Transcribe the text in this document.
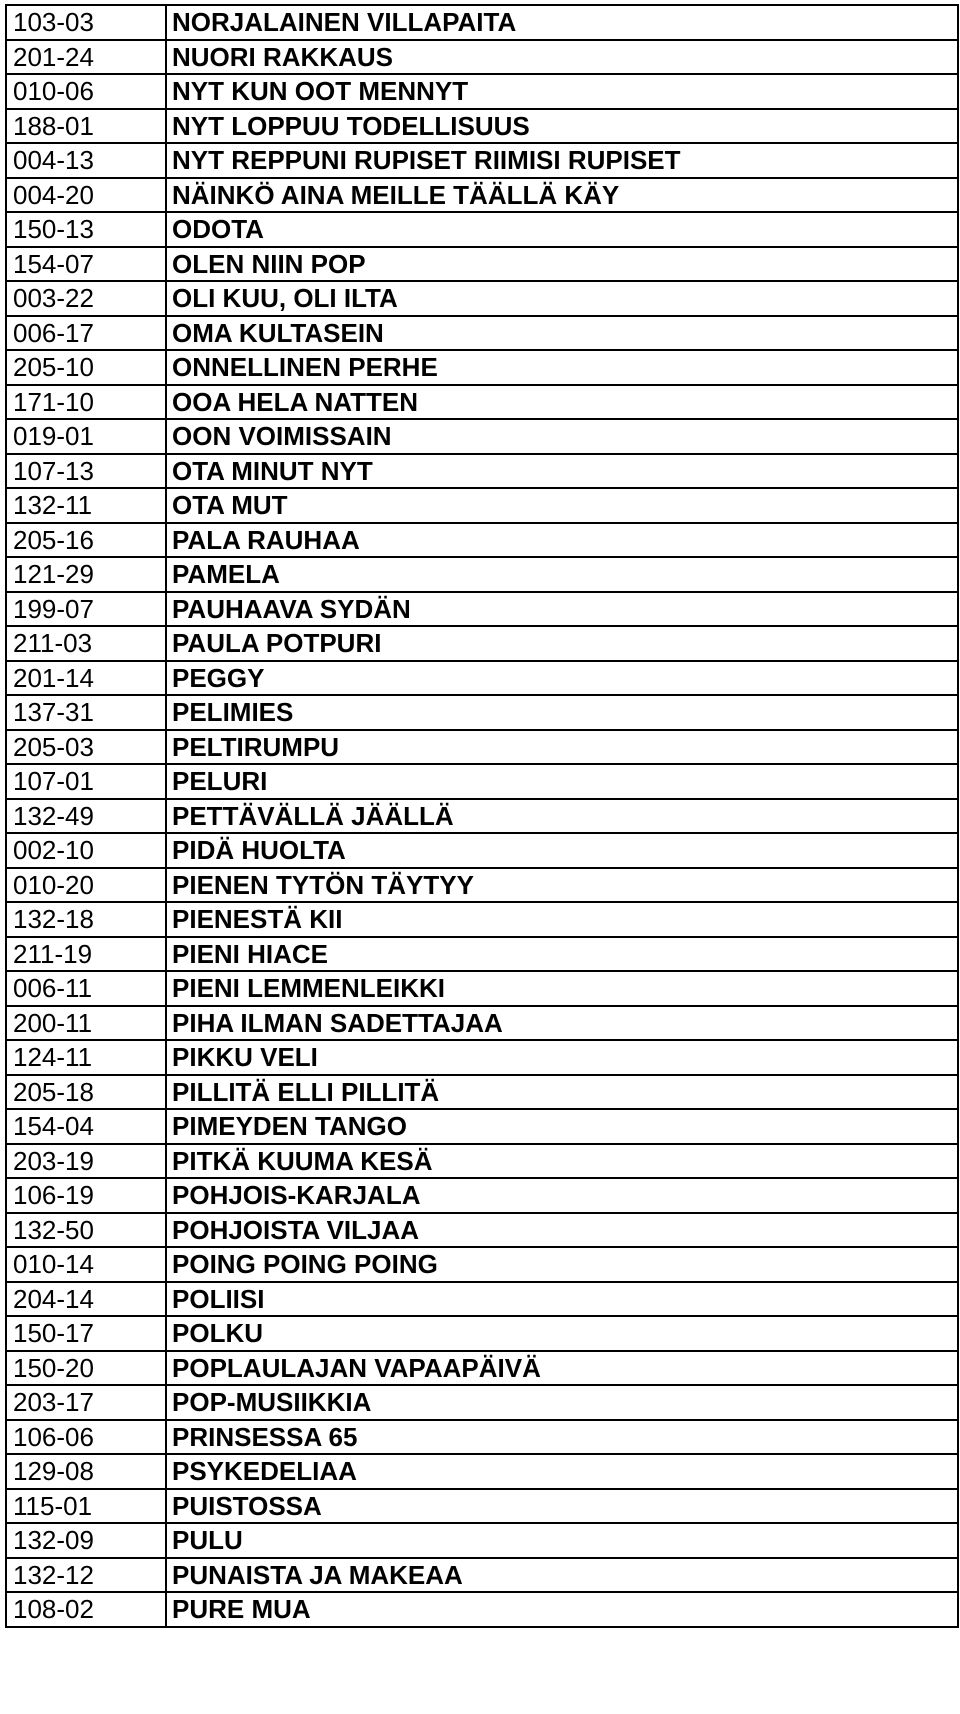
103-03	NORJALAINEN VILLAPAITA
201-24	NUORI RAKKAUS
010-06	NYT KUN OOT MENNYT
188-01	NYT LOPPUU TODELLISUUS
004-13	NYT REPPUNI RUPISET RIIMISI RUPISET
004-20	NÄINKÖ AINA MEILLE TÄÄLLÄ KÄY
150-13	ODOTA
154-07	OLEN NIIN POP
003-22	OLI KUU, OLI ILTA
006-17	OMA KULTASEIN
205-10	ONNELLINEN PERHE
171-10	OOA HELA NATTEN
019-01	OON VOIMISSAIN
107-13	OTA MINUT NYT
132-11	OTA MUT
205-16	PALA RAUHAA
121-29	PAMELA
199-07	PAUHAAVA SYDÄN
211-03	PAULA POTPURI
201-14	PEGGY
137-31	PELIMIES
205-03	PELTIRUMPU
107-01	PELURI
132-49	PETTÄVÄLLÄ JÄÄLLÄ
002-10	PIDÄ HUOLTA
010-20	PIENEN TYTÖN TÄYTYY
132-18	PIENESTÄ KII
211-19	PIENI HIACE
006-11	PIENI LEMMENLEIKKI
200-11	PIHA ILMAN SADETTAJAA
124-11	PIKKU VELI
205-18	PILLITÄ ELLI PILLITÄ
154-04	PIMEYDEN TANGO
203-19	PITKÄ KUUMA KESÄ
106-19	POHJOIS-KARJALA
132-50	POHJOISTA VILJAA
010-14	POING POING POING
204-14	POLIISI
150-17	POLKU
150-20	POPLAULAJAN VAPAAPÄIVÄ
203-17	POP-MUSIIKKIA
106-06	PRINSESSA 65
129-08	PSYKEDELIAA
115-01	PUISTOSSA
132-09	PULU
132-12	PUNAISTA JA MAKEAA
108-02	PURE MUA
